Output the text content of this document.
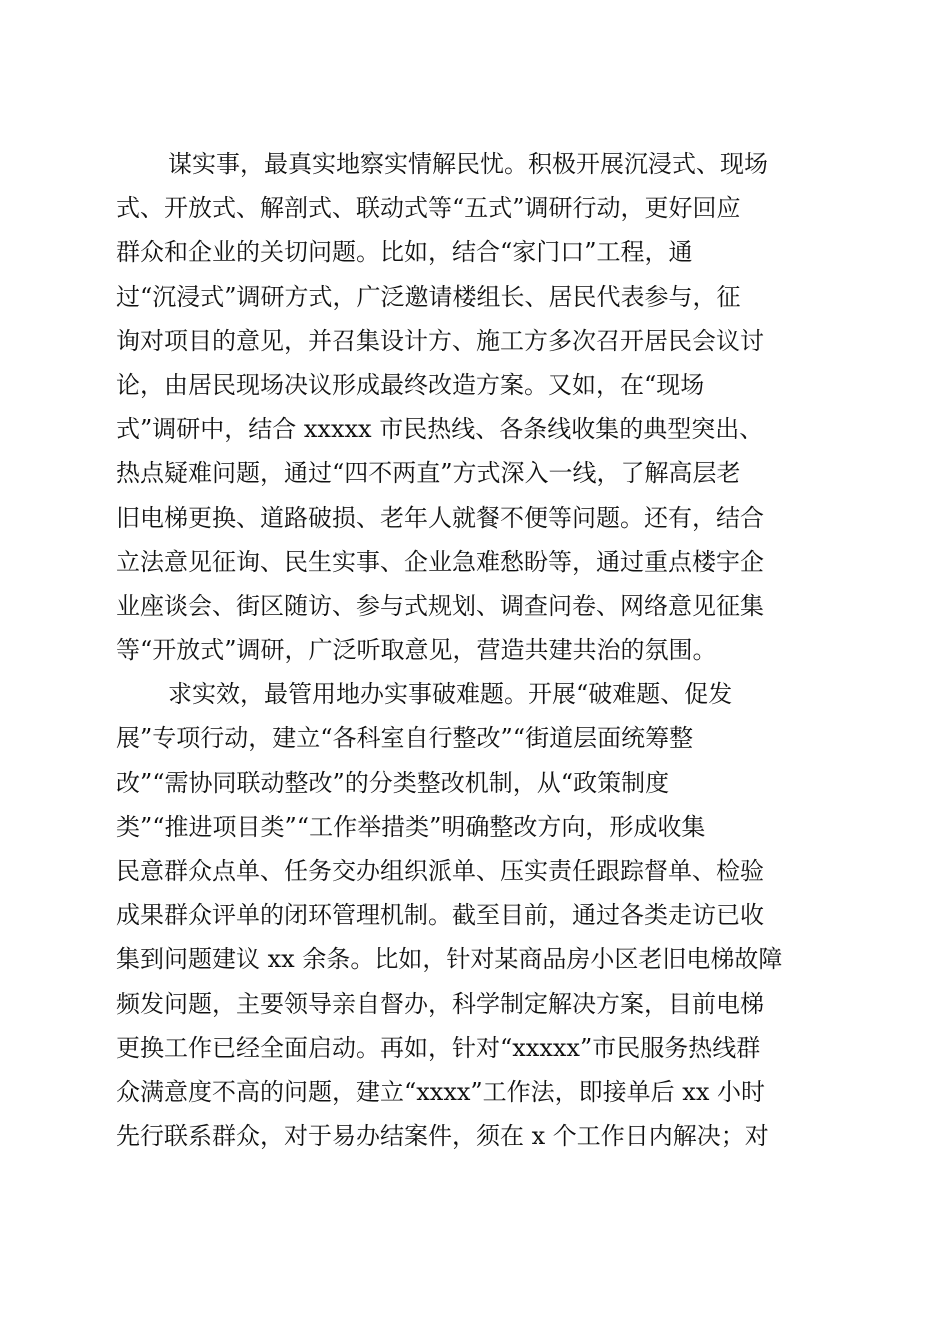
谋实事，最真实地察实情解民忧。积极开展沉浸式、现场
式、开放式、解剖式、联动式等“五式”调研行动，更好回应
群众和企业的关切问题。比如，结合“家门口”工程，通
过“沉浸式”调研方式，广泛邀请楼组长、居民代表参与，征
询对项目的意见，并召集设计方、施工方多次召开居民会议讨
论，由居民现场决议形成最终改造方案。又如，在“现场
式”调研中，结合 xxxxx 市民热线、各条线收集的典型突出、
热点疑难问题，通过“四不两直”方式深入一线，了解高层老
旧电梯更换、道路破损、老年人就餐不便等问题。还有，结合
立法意见征询、民生实事、企业急难愁盼等，通过重点楼宇企
业座谈会、街区随访、参与式规划、调查问卷、网络意见征集
等“开放式”调研，广泛听取意见，营造共建共治的氛围。
求实效，最管用地办实事破难题。开展“破难题、促发
展”专项行动，建立“各科室自行整改”“街道层面统筹整
改”“需协同联动整改”的分类整改机制，从“政策制度
类”“推进项目类”“工作举措类”明确整改方向，形成收集
民意群众点单、任务交办组织派单、压实责任跟踪督单、检验
成果群众评单的闭环管理机制。截至目前，通过各类走访已收
集到问题建议 xx 余条。比如，针对某商品房小区老旧电梯故障
频发问题，主要领导亲自督办，科学制定解决方案，目前电梯
更换工作已经全面启动。再如，针对“xxxxx”市民服务热线群
众满意度不高的问题，建立“xxxx”工作法，即接单后 xx 小时
先行联系群众，对于易办结案件，须在 x 个工作日内解决；对
